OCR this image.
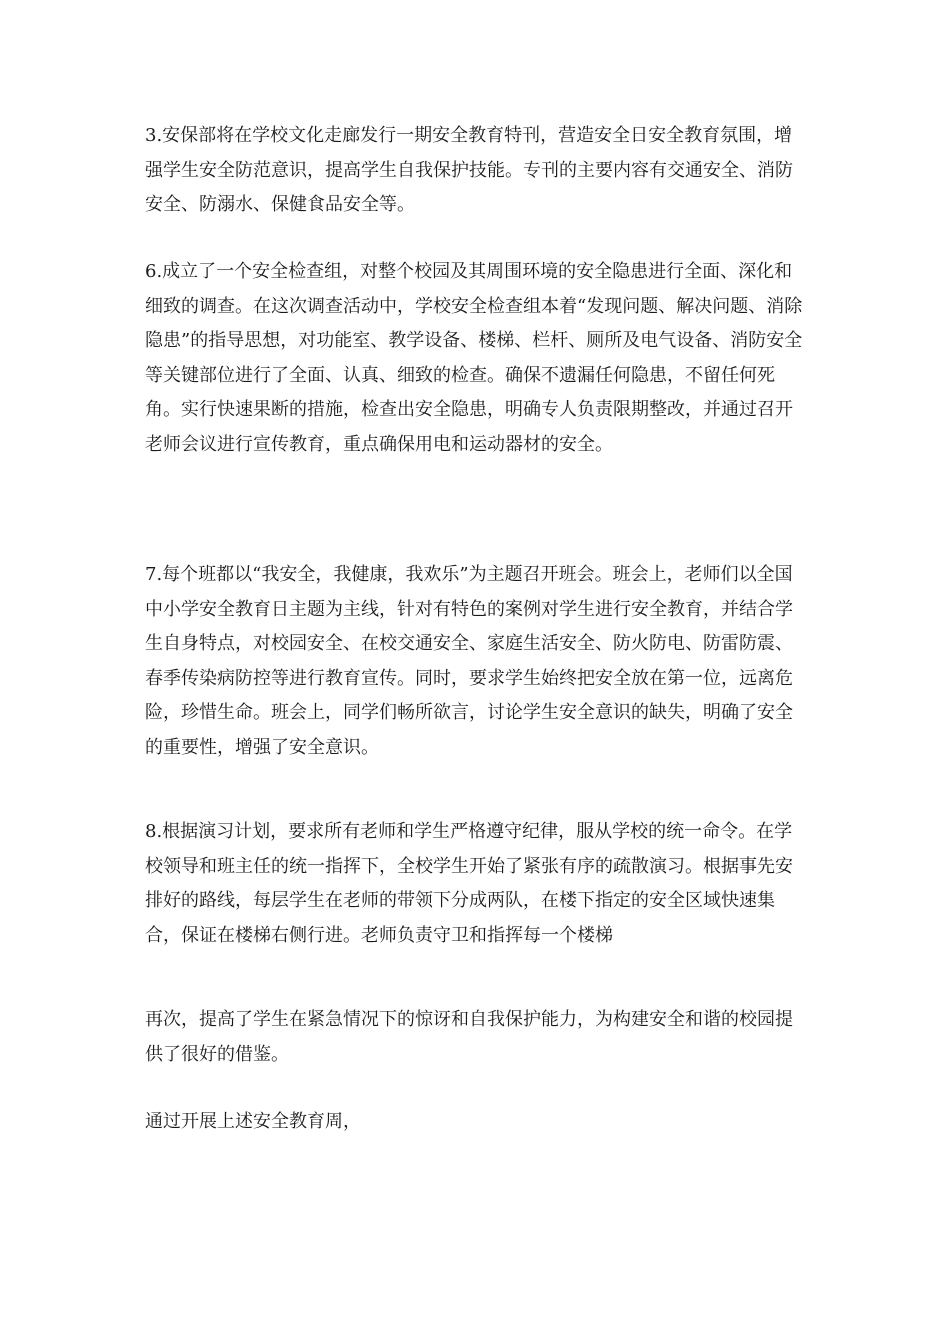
3.安保部将在学校文化走廊发行一期安全教育特刊，营造安全日安全教育氛围，增强学生安全防范意识，提高学生自我保护技能。专刊的主要内容有交通安全、消防安全、防溺水、保健食品安全等。

6.成立了一个安全检查组，对整个校园及其周围环境的安全隐患进行全面、深化和细致的调查。在这次调查活动中，学校安全检查组本着“发现问题、解决问题、消除隐患”的指导思想，对功能室、教学设备、楼梯、栏杆、厕所及电气设备、消防安全等关键部位进行了全面、认真、细致的检查。确保不遗漏任何隐患，不留任何死角。实行快速果断的措施，检查出安全隐患，明确专人负责限期整改，并通过召开老师会议进行宣传教育，重点确保用电和运动器材的安全。

7.每个班都以“我安全，我健康，我欢乐”为主题召开班会。班会上，老师们以全国中小学安全教育日主题为主线，针对有特色的案例对学生进行安全教育，并结合学生自身特点，对校园安全、在校交通安全、家庭生活安全、防火防电、防雷防震、春季传染病防控等进行教育宣传。同时，要求学生始终把安全放在第一位，远离危险，珍惜生命。班会上，同学们畅所欲言，讨论学生安全意识的缺失，明确了安全的重要性，增强了安全意识。

8.根据演习计划，要求所有老师和学生严格遵守纪律，服从学校的统一命令。在学校领导和班主任的统一指挥下，全校学生开始了紧张有序的疏散演习。根据事先安排好的路线，每层学生在老师的带领下分成两队，在楼下指定的安全区域快速集合，保证在楼梯右侧行进。老师负责守卫和指挥每一个楼梯

再次，提高了学生在紧急情况下的惊讶和自我保护能力，为构建安全和谐的校园提供了很好的借鉴。

通过开展上述安全教育周，
